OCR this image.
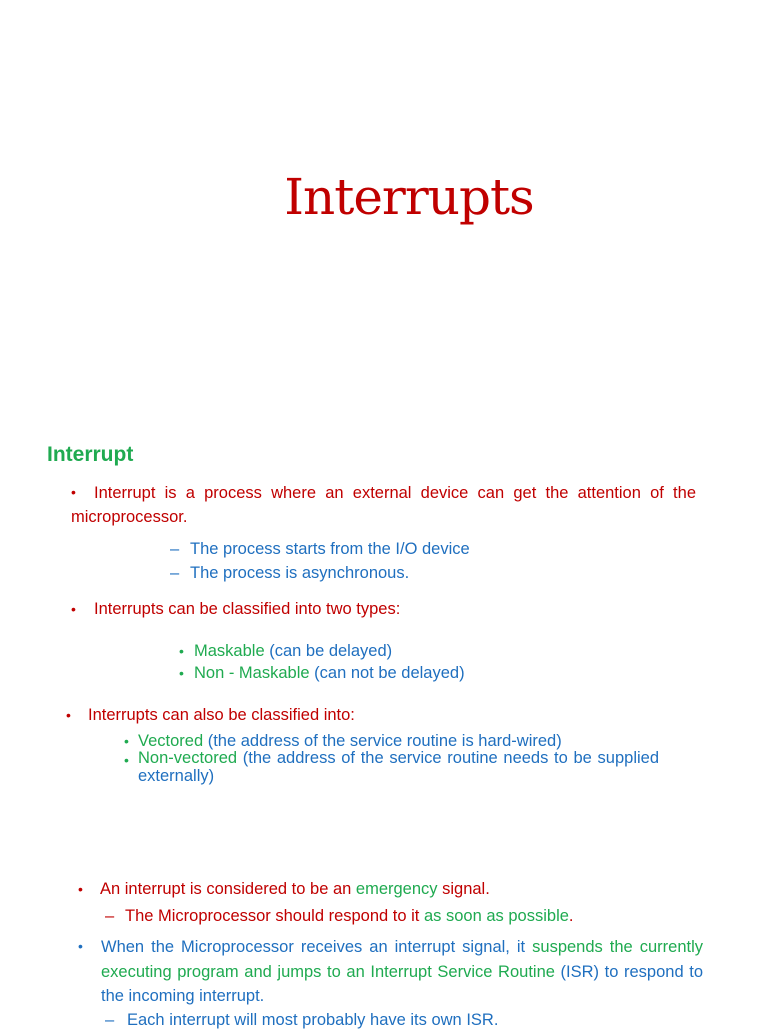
Interrupts
Interrupt
•	Interrupt is a process where an external device can get the attention of the microprocessor.
– The process starts from the I/O device
– The process is asynchronous.
• Interrupts can be classified into two types:
• Maskable (can be delayed)
• Non - Maskable (can not be delayed)
• Interrupts can also be classified into:
• Vectored (the address of the service routine is hard-wired)
• Non-vectored (the address of the service routine needs to be supplied externally)
• An interrupt is considered to be an emergency signal.
– The Microprocessor should respond to it as soon as possible.
• When the Microprocessor receives an interrupt signal, it suspends the currently executing program and jumps to an Interrupt Service Routine (ISR) to respond to the incoming interrupt.
– Each interrupt will most probably have its own ISR.
